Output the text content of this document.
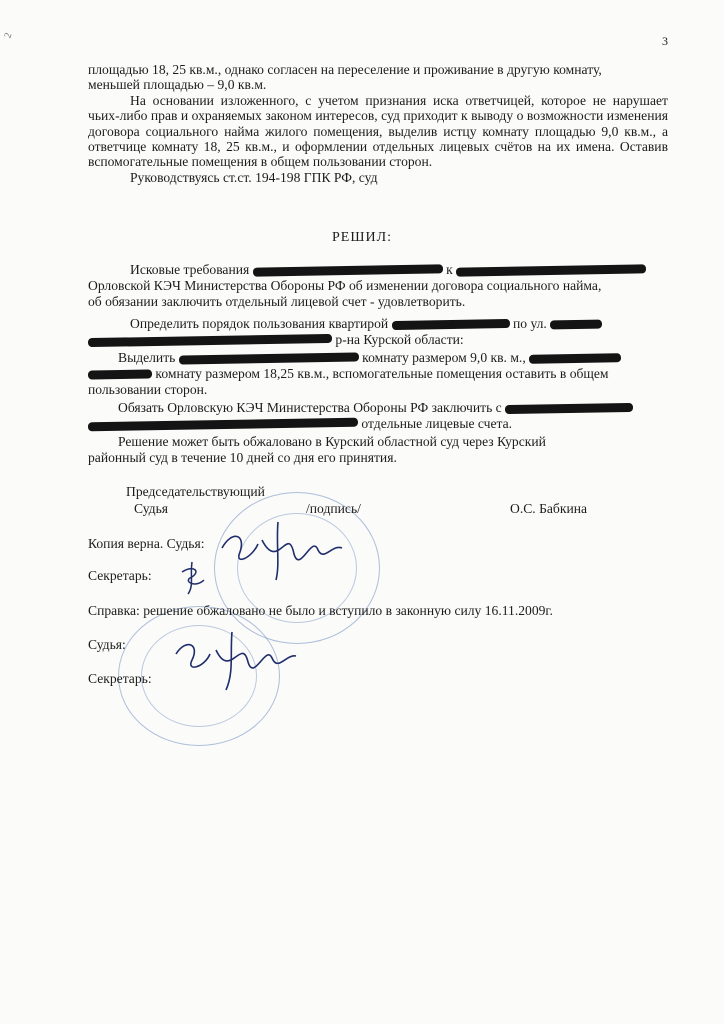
2	3

площадью 18, 25 кв.м., однако согласен на переселение и проживание в другую комнату,

меньшей площадью – 9,0 кв.м.

На основании изложенного, с учетом признания иска ответчицей, которое не нарушает чьих-либо прав и охраняемых законом интересов, суд приходит к выводу о возможности изменения договора социального найма жилого помещения, выделив истцу комнату площадью 9,0 кв.м., а ответчице комнату 18, 25 кв.м., и оформлении отдельных лицевых счётов на их имена. Оставив вспомогательные помещения в общем пользовании сторон.

Руководствуясь ст.ст. 194-198 ГПК РФ, суд

РЕШИЛ:
Исковые требования	к
Орловской КЭЧ Министерства Обороны РФ об изменении договора социального найма,
об обязании заключить отдельный лицевой счет - удовлетворить.
Определить порядок пользования квартирой	по ул.
р-на Курской области:
Выделить	комнату размером 9,0 кв. м.,
комнату размером 18,25 кв.м., вспомогательные помещения оставить в общем
пользовании сторон.
Обязать Орловскую КЭЧ Министерства Обороны РФ заключить с
отдельные лицевые счета.
Решение может быть обжаловано в Курский областной суд через Курский
районный суд в течение 10 дней со дня его принятия.
Председательствующий
Судья	/подпись/	О.С. Бабкина
Копия верна. Судья:
Секретарь:
Справка: решение обжаловано не было и вступило в законную силу 16.11.2009г.
Судья:
Секретарь:
